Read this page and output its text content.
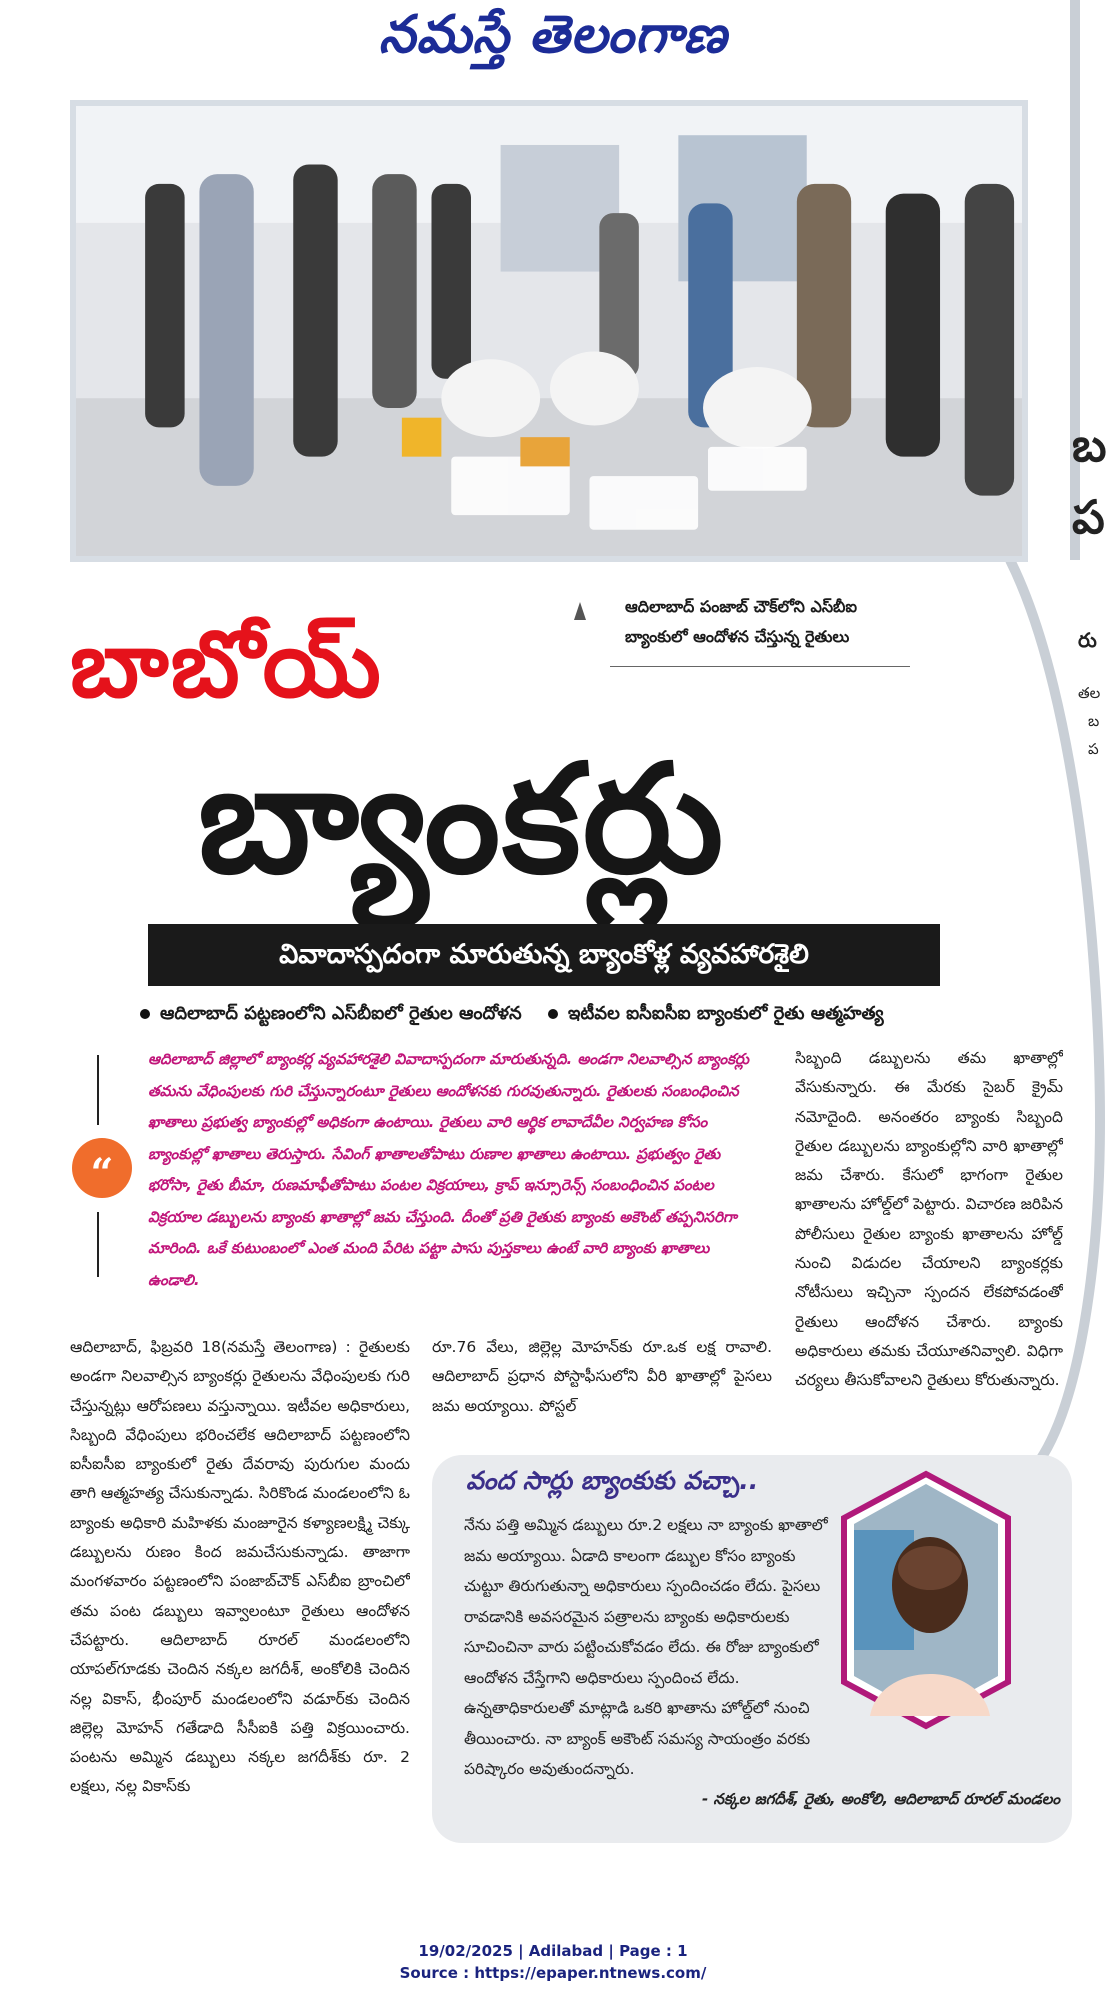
నమస్తే తెలంగాణ
బ
ప
రు
తల
బ
ప
ఆదిలాబాద్ పంజాబ్ చౌక్‌లోని ఎస్‌బీఐ
బ్యాంకులో ఆందోళన చేస్తున్న రైతులు
బాబోయ్
బ్యాంకర్లు
వివాదాస్పదంగా మారుతున్న బ్యాంకోళ్ల వ్యవహారశైలి
ఆదిలాబాద్ పట్టణంలోని ఎస్‌బీఐలో రైతుల ఆందోళన	ఇటీవల ఐసీఐసీఐ బ్యాంకులో రైతు ఆత్మహత్య
“
ఆదిలాబాద్ జిల్లాలో బ్యాంకర్ల వ్యవహారశైలి వివాదాస్పదంగా మారుతున్నది. అండగా నిలవాల్సిన బ్యాంకర్లు తమను వేధింపులకు గురి చేస్తున్నారంటూ రైతులు ఆందోళనకు గురవుతున్నారు. రైతులకు సంబంధించిన ఖాతాలు ప్రభుత్వ బ్యాంకుల్లో అధికంగా ఉంటాయి. రైతులు వారి ఆర్థిక లావాదేవీల నిర్వహణ కోసం బ్యాంకుల్లో ఖాతాలు తెరుస్తారు. సేవింగ్ ఖాతాలతోపాటు రుణాల ఖాతాలు ఉంటాయి. ప్రభుత్వం రైతు భరోసా, రైతు బీమా, రుణమాఫీతోపాటు పంటల విక్రయాలు, క్రాప్ ఇన్సూరెన్స్ సంబంధించిన పంటల విక్రయాల డబ్బులను బ్యాంకు ఖాతాల్లో జమ చేస్తుంది. దీంతో ప్రతి రైతుకు బ్యాంకు అకౌంట్ తప్పనిసరిగా మారింది. ఒకే కుటుంబంలో ఎంత మంది పేరిట పట్టా పాసు పుస్తకాలు ఉంటే వారి బ్యాంకు ఖాతాలు ఉండాలి.

సిబ్బంది డబ్బులను తమ ఖాతాల్లో వేసుకున్నారు. ఈ మేరకు సైబర్ క్రైమ్ నమోదైంది. అనంతరం బ్యాంకు సిబ్బంది రైతుల డబ్బులను బ్యాంకుల్లోని వారి ఖాతాల్లో జమ చేశారు. కేసులో భాగంగా రైతుల ఖాతాలను హోల్డ్‌లో పెట్టారు. విచారణ జరిపిన పోలీసులు రైతుల బ్యాంకు ఖాతాలను హోల్డ్ నుంచి విడుదల చేయాలని బ్యాంకర్లకు నోటీసులు ఇచ్చినా స్పందన లేకపోవడంతో రైతులు ఆందోళన చేశారు. బ్యాంకు అధికారులు తమకు చేయూతనివ్వాలి. విధిగా చర్యలు తీసుకోవాలని రైతులు కోరుతున్నారు.

ఆదిలాబాద్, ఫిబ్రవరి 18(నమస్తే తెలంగాణ) : రైతులకు అండగా నిలవాల్సిన బ్యాంకర్లు రైతులను వేధింపులకు గురి చేస్తున్నట్లు ఆరోపణలు వస్తున్నాయి. ఇటీవల అధికారులు, సిబ్బంది వేధింపులు భరించలేక ఆదిలాబాద్ పట్టణంలోని ఐసీఐసీఐ బ్యాంకులో రైతు దేవరావు పురుగుల మందు తాగి ఆత్మహత్య చేసుకున్నాడు. సిరికొండ మండలంలోని ఓ బ్యాంకు అధికారి మహిళకు మంజూరైన కళ్యాణలక్ష్మి చెక్కు డబ్బులను రుణం కింద జమచేసుకున్నాడు. తాజాగా మంగళవారం పట్టణంలోని పంజాబ్‌చౌక్ ఎస్‌బీఐ బ్రాంచిలో తమ పంట డబ్బులు ఇవ్వాలంటూ రైతులు ఆందోళన చేపట్టారు. ఆదిలాబాద్ రూరల్ మండలంలోని యాపల్‌గూడకు చెందిన నక్కల జగదీశ్, అంకోలికి చెందిన నల్ల వికాస్, భీంపూర్ మండలంలోని వడూర్‌కు చెందిన జిల్లెల్ల మోహన్ గతేడాది సీసీఐకి పత్తి విక్రయించారు. పంటను అమ్మిన డబ్బులు నక్కల జగదీశ్‌కు రూ. 2 లక్షలు, నల్ల వికాస్‌కు

రూ.76 వేలు, జిల్లెల్ల మోహన్‌కు రూ.ఒక లక్ష రావాలి. ఆదిలాబాద్ ప్రధాన పోస్టాఫీసులోని వీరి ఖాతాల్లో పైసలు జమ అయ్యాయి. పోస్టల్

వంద సార్లు బ్యాంకుకు వచ్చా..
నేను పత్తి అమ్మిన డబ్బులు రూ.2 లక్షలు నా బ్యాంకు ఖాతాలో జమ అయ్యాయి. ఏడాది కాలంగా డబ్బుల కోసం బ్యాంకు చుట్టూ తిరుగుతున్నా అధికారులు స్పందించడం లేదు. పైసలు రావడానికి అవసరమైన పత్రాలను బ్యాంకు అధికారులకు సూచించినా వారు పట్టించుకోవడం లేదు. ఈ రోజు బ్యాంకులో ఆందోళన చేస్తేగాని అధికారులు స్పందించ లేదు. ఉన్నతాధికారులతో మాట్లాడి ఒకరి ఖాతాను హోల్డ్‌లో నుంచి తీయించారు. నా బ్యాంక్ అకౌంట్ సమస్య సాయంత్రం వరకు పరిష్కారం అవుతుందన్నారు.
- నక్కల జగదీశ్, రైతు, అంకోలి, ఆదిలాబాద్ రూరల్ మండలం
19/02/2025 | Adilabad | Page : 1
Source : https://epaper.ntnews.com/
